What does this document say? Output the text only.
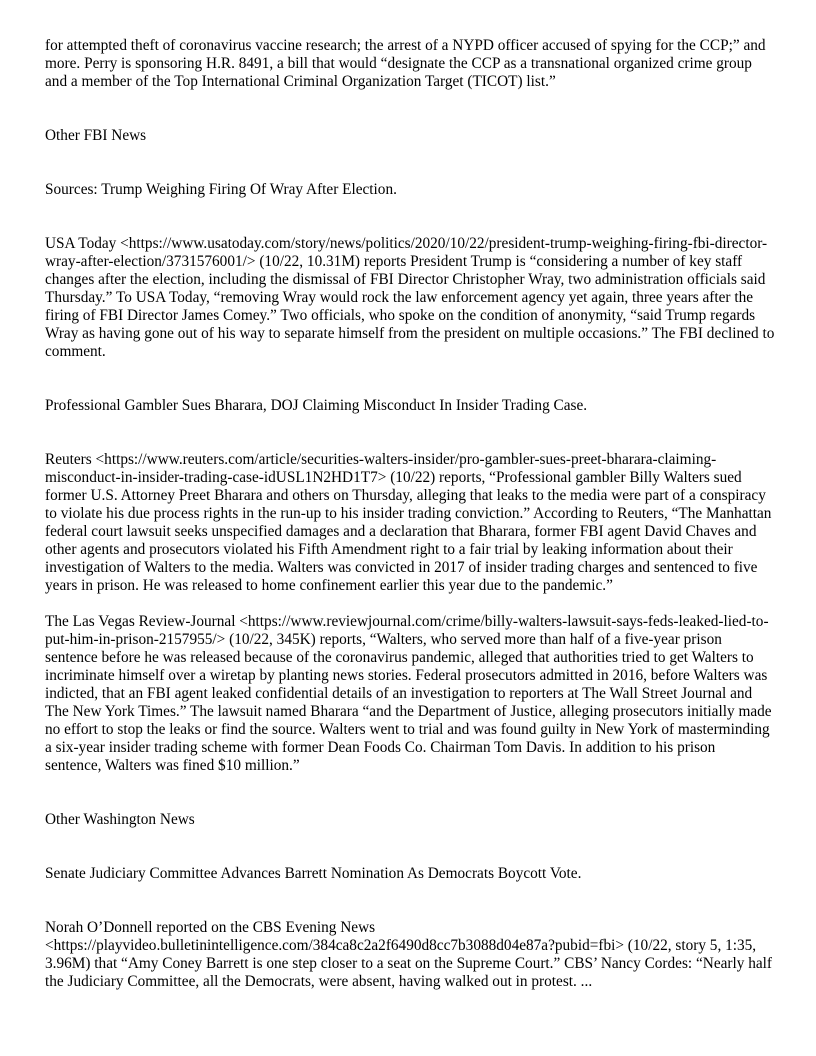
for attempted theft of coronavirus vaccine research; the arrest of a NYPD officer accused of spying for the CCP;” and more. Perry is sponsoring H.R. 8491, a bill that would “designate the CCP as a transnational organized crime group and a member of the Top International Criminal Organization Target (TICOT) list.”

Other FBI News

Sources: Trump Weighing Firing Of Wray After Election.

USA Today <https://www.usatoday.com/story/news/politics/2020/10/22/president-trump-weighing-firing-fbi-director-wray-after-election/3731576001/> (10/22, 10.31M) reports President Trump is “considering a number of key staff changes after the election, including the dismissal of FBI Director Christopher Wray, two administration officials said Thursday.” To USA Today, “removing Wray would rock the law enforcement agency yet again, three years after the firing of FBI Director James Comey.” Two officials, who spoke on the condition of anonymity, “said Trump regards Wray as having gone out of his way to separate himself from the president on multiple occasions.” The FBI declined to comment.

Professional Gambler Sues Bharara, DOJ Claiming Misconduct In Insider Trading Case.

Reuters <https://www.reuters.com/article/securities-walters-insider/pro-gambler-sues-preet-bharara-claiming-misconduct-in-insider-trading-case-idUSL1N2HD1T7> (10/22) reports, “Professional gambler Billy Walters sued former U.S. Attorney Preet Bharara and others on Thursday, alleging that leaks to the media were part of a conspiracy to violate his due process rights in the run-up to his insider trading conviction.” According to Reuters, “The Manhattan federal court lawsuit seeks unspecified damages and a declaration that Bharara, former FBI agent David Chaves and other agents and prosecutors violated his Fifth Amendment right to a fair trial by leaking information about their investigation of Walters to the media. Walters was convicted in 2017 of insider trading charges and sentenced to five years in prison. He was released to home confinement earlier this year due to the pandemic.”

The Las Vegas Review-Journal <https://www.reviewjournal.com/crime/billy-walters-lawsuit-says-feds-leaked-lied-to-put-him-in-prison-2157955/> (10/22, 345K) reports, “Walters, who served more than half of a five-year prison sentence before he was released because of the coronavirus pandemic, alleged that authorities tried to get Walters to incriminate himself over a wiretap by planting news stories. Federal prosecutors admitted in 2016, before Walters was indicted, that an FBI agent leaked confidential details of an investigation to reporters at The Wall Street Journal and The New York Times.” The lawsuit named Bharara “and the Department of Justice, alleging prosecutors initially made no effort to stop the leaks or find the source. Walters went to trial and was found guilty in New York of masterminding a six-year insider trading scheme with former Dean Foods Co. Chairman Tom Davis. In addition to his prison sentence, Walters was fined $10 million.”

Other Washington News

Senate Judiciary Committee Advances Barrett Nomination As Democrats Boycott Vote.

Norah O’Donnell reported on the CBS Evening News <https://playvideo.bulletinintelligence.com/384ca8c2a2f6490d8cc7b3088d04e87a?pubid=fbi> (10/22, story 5, 1:35, 3.96M) that “Amy Coney Barrett is one step closer to a seat on the Supreme Court.” CBS’ Nancy Cordes: “Nearly half the Judiciary Committee, all the Democrats, were absent, having walked out in protest. ...
